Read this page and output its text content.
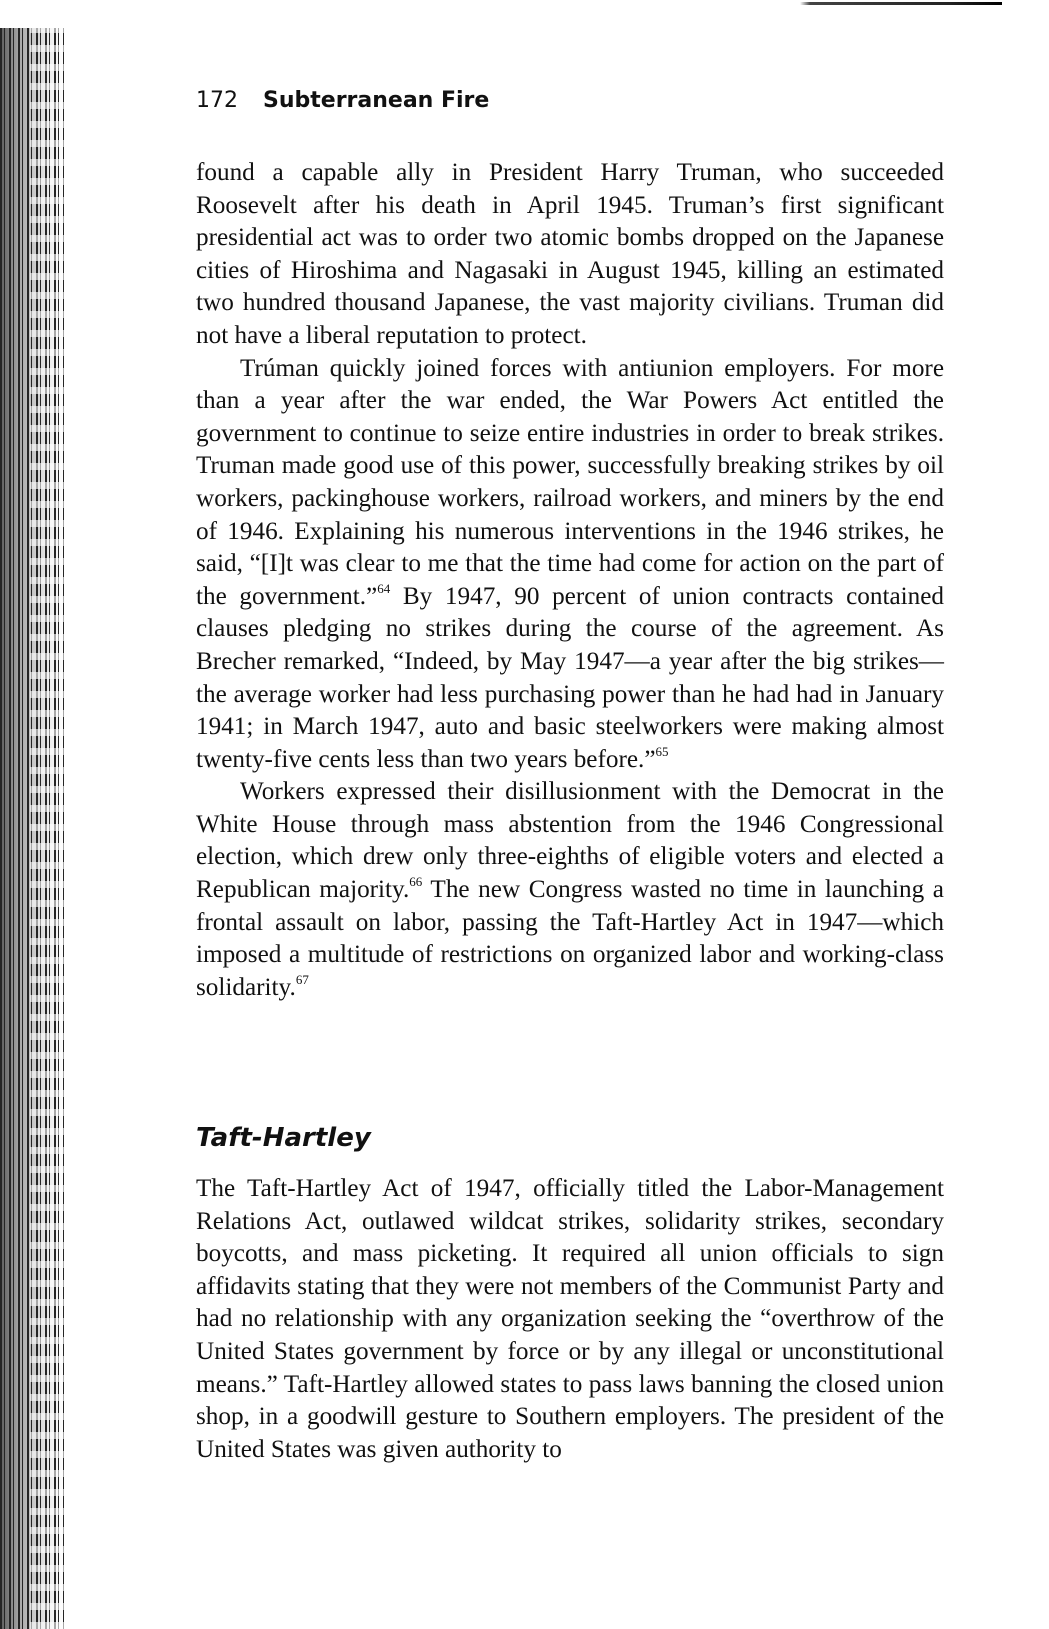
172 Subterranean Fire

found a capable ally in President Harry Truman, who succeeded Roosevelt after his death in April 1945. Truman’s first significant presidential act was to order two atomic bombs dropped on the Japanese cities of Hiroshima and Nagasaki in August 1945, killing an estimated two hundred thousand Japanese, the vast majority civilians. Truman did not have a liberal reputation to protect.

Trúman quickly joined forces with antiunion employers. For more than a year after the war ended, the War Powers Act entitled the government to continue to seize entire industries in order to break strikes. Truman made good use of this power, successfully breaking strikes by oil workers, packinghouse workers, railroad workers, and miners by the end of 1946. Explaining his numerous interventions in the 1946 strikes, he said, “[I]t was clear to me that the time had come for action on the part of the government.”$^{64}$ By 1947, 90 percent of union contracts contained clauses pledging no strikes during the course of the agreement. As Brecher remarked, “Indeed, by May 1947—a year after the big strikes—the average worker had less purchasing power than he had had in January 1941; in March 1947, auto and basic steelworkers were making almost twenty-five cents less than two years before.”$^{65}$

Workers expressed their disillusionment with the Democrat in the White House through mass abstention from the 1946 Congressional election, which drew only three-eighths of eligible voters and elected a Republican majority.$^{66}$ The new Congress wasted no time in launching a frontal assault on labor, passing the Taft-Hartley Act in 1947—which imposed a multitude of restrictions on organized labor and working-class solidarity.$^{67}$

Taft-Hartley

The Taft-Hartley Act of 1947, officially titled the Labor-Management Relations Act, outlawed wildcat strikes, solidarity strikes, secondary boycotts, and mass picketing. It required all union officials to sign affidavits stating that they were not members of the Communist Party and had no relationship with any organization seeking the “overthrow of the United States government by force or by any illegal or unconstitutional means.” Taft-Hartley allowed states to pass laws banning the closed union shop, in a goodwill gesture to Southern employers. The president of the United States was given authority to
